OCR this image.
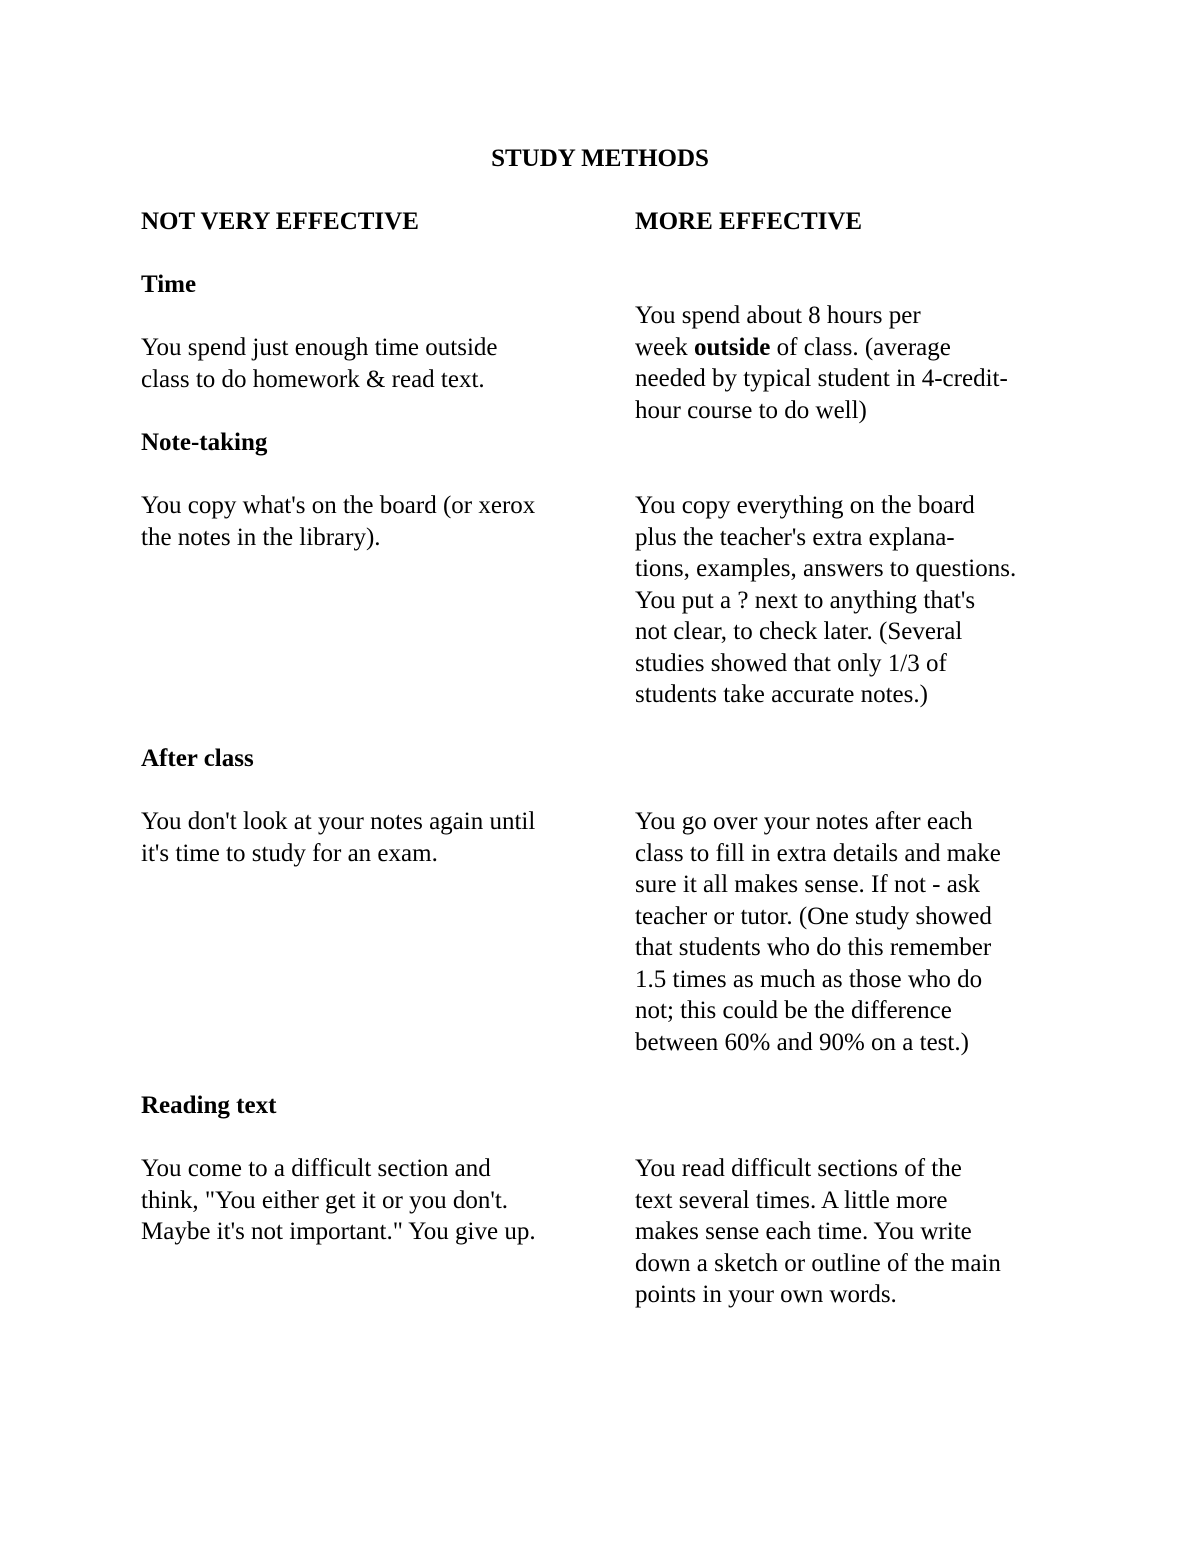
STUDY METHODS
NOT VERY EFFECTIVE	MORE EFFECTIVE
Time
You spend just enough time outside
class to do homework & read text.
You spend about 8 hours per
week outside of class. (average
needed by typical student in 4-credit-
hour course to do well)
Note-taking
You copy what's on the board (or xerox
the notes in the library).
You copy everything on the board
plus the teacher's extra explana-
tions, examples, answers to questions.
You put a ? next to anything that's
not clear, to check later. (Several
studies showed that only 1/3 of
students take accurate notes.)
After class
You don't look at your notes again until
it's time to study for an exam.
You go over your notes after each
class to fill in extra details and make
sure it all makes sense. If not - ask
teacher or tutor. (One study showed
that students who do this remember
1.5 times as much as those who do
not; this could be the difference
between 60% and 90% on a test.)
Reading text
You come to a difficult section and
think, "You either get it or you don't.
Maybe it's not important." You give up.
You read difficult sections of the
text several times. A little more
makes sense each time. You write
down a sketch or outline of the main
points in your own words.
